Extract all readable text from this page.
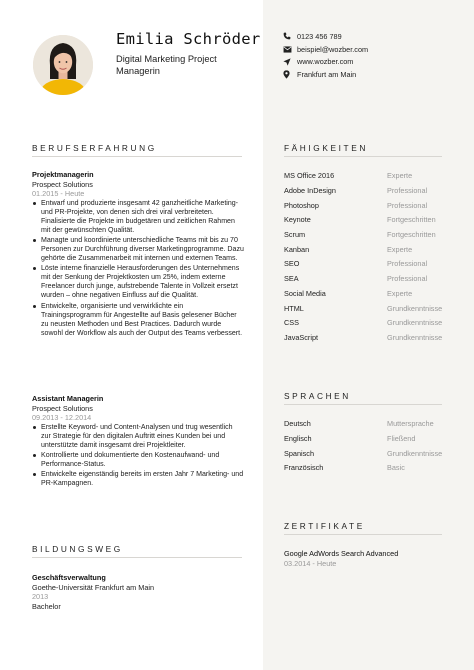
Emilia Schröder
Digital Marketing Project Managerin
0123 456 789
beispiel@wozber.com
www.wozber.com
Frankfurt am Main
BERUFSERFAHRUNG
Projektmanagerin
Prospect Solutions
01.2015 - Heute
Entwarf und produzierte insgesamt 42 ganzheitliche Marketing- und PR-Projekte, von denen sich drei viral verbreiteten. Finalisierte die Projekte im budgetären und zeitlichen Rahmen mit der gewünschten Qualität.
Managte und koordinierte unterschiedliche Teams mit bis zu 70 Personen zur Durchführung diverser Marketingprogramme. Dazu gehörte die Zusammenarbeit mit internen und externen Teams.
Löste interne finanzielle Herausforderungen des Unternehmens mit der Senkung der Projektkosten um 25%, indem externe Freelancer durch junge, aufstrebende Talente in Vollzeit ersetzt wurden – ohne negativen Einfluss auf die Qualität.
Entwickelte, organisierte und verwirklichte ein Trainingsprogramm für Angestellte auf Basis gelesener Bücher zu neusten Methoden und Best Practices. Dadurch wurde sowohl der Workflow als auch der Output des Teams verbessert.
Assistant Managerin
Prospect Solutions
09.2013 - 12.2014
Erstellte Keyword- und Content-Analysen und trug wesentlich zur Strategie für den digitalen Auftritt eines Kunden bei und unterstützte damit insgesamt drei Projektleiter.
Kontrollierte und dokumentierte den Kostenaufwand- und Performance-Status.
Entwickelte eigenständig bereits im ersten Jahr 7 Marketing- und PR-Kampagnen.
BILDUNGSWEG
Geschäftsverwaltung
Goethe-Universität Frankfurt am Main
2013
Bachelor
FÄHIGKEITEN
MS Office 2016	Experte
Adobe InDesign	Professional
Photoshop	Professional
Keynote	Fortgeschritten
Scrum	Fortgeschritten
Kanban	Experte
SEO	Professional
SEA	Professional
Social Media	Experte
HTML	Grundkenntnisse
CSS	Grundkenntnisse
JavaScript	Grundkenntnisse
SPRACHEN
Deutsch	Muttersprache
Englisch	Fließend
Spanisch	Grundkenntnisse
Französisch	Basic
ZERTIFIKATE
Google AdWords Search Advanced
03.2014 - Heute
